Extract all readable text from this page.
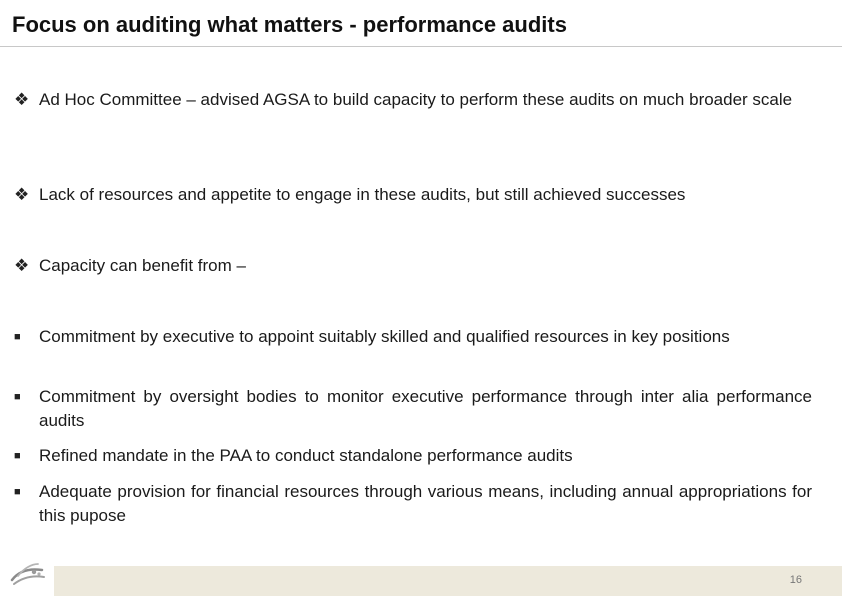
Focus on auditing what matters - performance audits
❖ Ad Hoc Committee – advised AGSA to build capacity to perform these audits on much broader scale
❖ Lack of resources and appetite to engage in these audits, but still achieved successes
❖ Capacity can benefit from –
■	Commitment by executive to appoint suitably skilled and qualified resources in key positions
■	Commitment by oversight bodies to monitor executive performance through inter alia performance audits
■	Refined mandate in the PAA to conduct standalone performance audits
■	Adequate provision for financial resources through various means, including annual appropriations for this pupose
16
